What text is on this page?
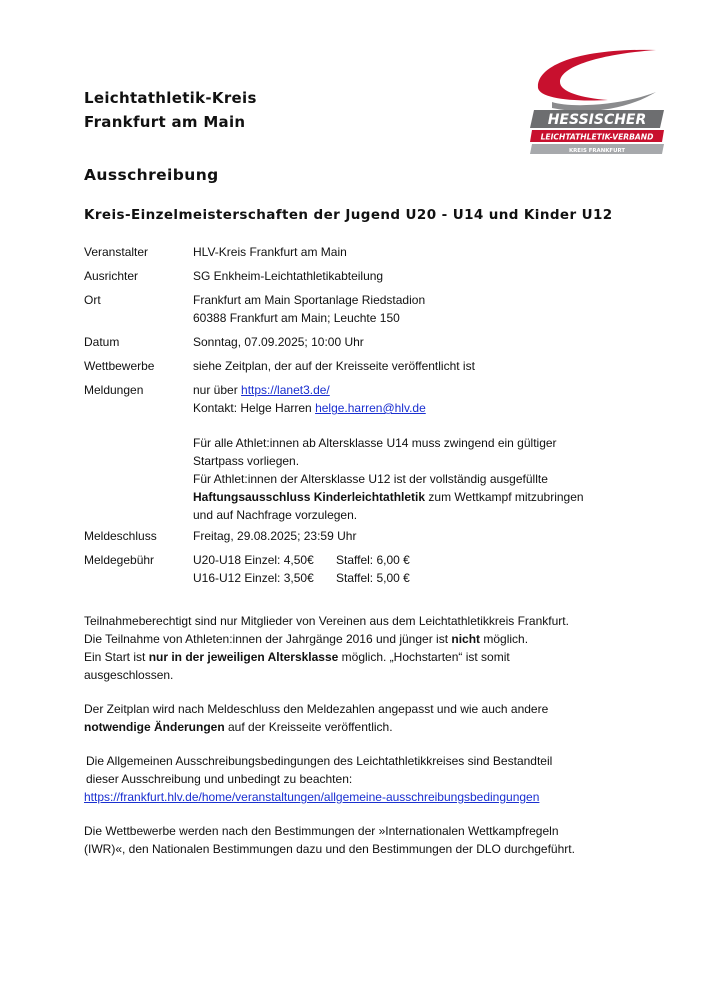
Leichtathletik-Kreis
Frankfurt am Main	HESSISCHER
LEICHTATHLETIK-VERBAND
KREIS FRANKFURT
Ausschreibung
Kreis-Einzelmeisterschaften der Jugend U20 - U14 und Kinder U12
Veranstalter	HLV-Kreis Frankfurt am Main
Ausrichter	SG Enkheim-Leichtathletikabteilung
Ort	Frankfurt am Main Sportanlage Riedstadion

60388 Frankfurt am Main; Leuchte 150

Datum	Sonntag, 07.09.2025; 10:00 Uhr
Wettbewerbe	siehe Zeitplan, der auf der Kreisseite veröffentlicht ist
Meldungen	nur über https://lanet3.de/

Kontakt: Helge Harren helge.harren@hlv.de

Für alle Athlet:innen ab Altersklasse U14 muss zwingend ein gültiger

Startpass vorliegen.

Für Athlet:innen der Altersklasse U12 ist der vollständig ausgefüllte

Haftungsausschluss Kinderleichtathletik zum Wettkampf mitzubringen

und auf Nachfrage vorzulegen.

Meldeschluss	Freitag, 29.08.2025; 23:59 Uhr
Meldegebühr	U20-U18 Einzel: 4,50€	Staffel: 6,00 €
U16-U12 Einzel: 3,50€	Staffel: 5,00 €

Teilnahmeberechtigt sind nur Mitglieder von Vereinen aus dem Leichtathletikkreis Frankfurt.

Die Teilnahme von Athleten:innen der Jahrgänge 2016 und jünger ist nicht möglich.

Ein Start ist nur in der jeweiligen Altersklasse möglich. „Hochstarten“ ist somit

ausgeschlossen.

Der Zeitplan wird nach Meldeschluss den Meldezahlen angepasst und wie auch andere

notwendige Änderungen auf der Kreisseite veröffentlich.

Die Allgemeinen Ausschreibungsbedingungen des Leichtathletikkreises sind Bestandteil

dieser Ausschreibung und unbedingt zu beachten:

https://frankfurt.hlv.de/home/veranstaltungen/allgemeine-ausschreibungsbedingungen

Die Wettbewerbe werden nach den Bestimmungen der »Internationalen Wettkampfregeln

(IWR)«, den Nationalen Bestimmungen dazu und den Bestimmungen der DLO durchgeführt.
